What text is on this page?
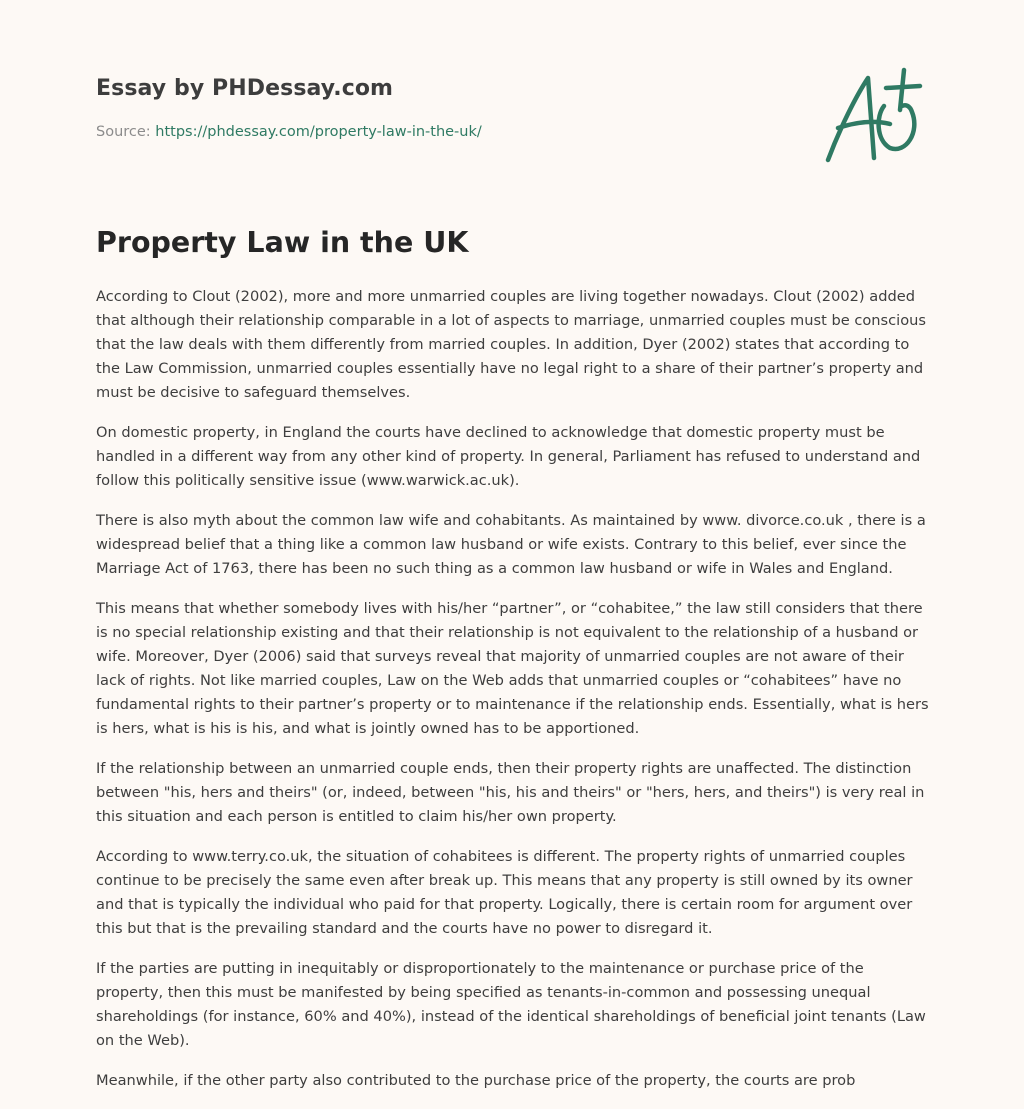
Essay by PHDessay.com
Source: https://phdessay.com/property-law-in-the-uk/
Property Law in the UK

According to Clout (2002), more and more unmarried couples are living together nowadays. Clout (2002) added that although their relationship comparable in a lot of aspects to marriage, unmarried couples must be conscious that the law deals with them differently from married couples. In addition, Dyer (2002) states that according to the Law Commission, unmarried couples essentially have no legal right to a share of their partner’s property and must be decisive to safeguard themselves.

On domestic property, in England the courts have declined to acknowledge that domestic property must be handled in a different way from any other kind of property. In general, Parliament has refused to understand and follow this politically sensitive issue (www.warwick.ac.uk).

There is also myth about the common law wife and cohabitants. As maintained by www. divorce.co.uk , there is a widespread belief that a thing like a common law husband or wife exists. Contrary to this belief, ever since the Marriage Act of 1763, there has been no such thing as a common law husband or wife in Wales and England.

This means that whether somebody lives with his/her “partner”, or “cohabitee,” the law still considers that there is no special relationship existing and that their relationship is not equivalent to the relationship of a husband or wife. Moreover, Dyer (2006) said that surveys reveal that majority of unmarried couples are not aware of their lack of rights. Not like married couples, Law on the Web adds that unmarried couples or “cohabitees” have no fundamental rights to their partner’s property or to maintenance if the relationship ends. Essentially, what is hers is hers, what is his is his, and what is jointly owned has to be apportioned.

If the relationship between an unmarried couple ends, then their property rights are unaffected. The distinction between "his, hers and theirs" (or, indeed, between "his, his and theirs" or "hers, hers, and theirs") is very real in this situation and each person is entitled to claim his/her own property.

According to www.terry.co.uk, the situation of cohabitees is different. The property rights of unmarried couples continue to be precisely the same even after break up. This means that any property is still owned by its owner and that is typically the individual who paid for that property. Logically, there is certain room for argument over this but that is the prevailing standard and the courts have no power to disregard it.

If the parties are putting in inequitably or disproportionately to the maintenance or purchase price of the property, then this must be manifested by being specified as tenants-in-common and possessing unequal shareholdings (for instance, 60% and 40%), instead of the identical shareholdings of beneficial joint tenants (Law on the Web).

Meanwhile, if the other party also contributed to the purchase price of the property, the courts are prob
